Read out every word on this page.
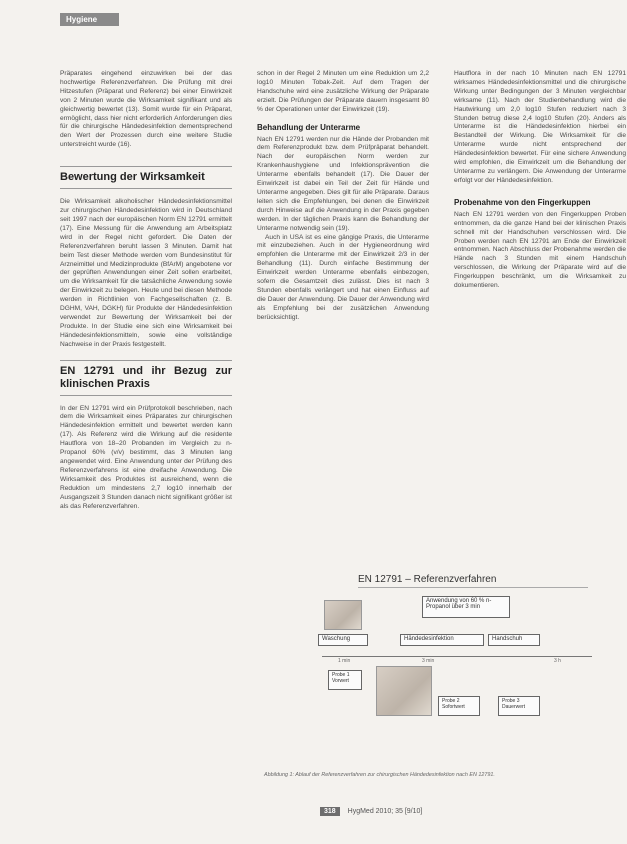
Hygiene

Präparates eingehend einzuwirken bei der das hochwertige Referenzverfahren. Die Prüfung mit drei Hitzestufen (Präparat und Referenz) bei einer Einwirkzeit von 2 Minuten wurde die Wirksamkeit signifikant und als gleichwertig bewertet (13). Somit wurde für ein Präparat, ermöglicht, dass hier nicht erforderlich Anforderungen dies für die chirurgische Händedesinfektion dementsprechend den Wert der Prozessen durch eine weitere Studie unterstreicht wurde (16).

Bewertung der Wirksamkeit

Die Wirksamkeit alkoholischer Händedesinfektionsmittel zur chirurgischen Händedesinfektion wird in Deutschland seit 1997 nach der europäischen Norm EN 12791 ermittelt (17). Eine Messung für die Anwendung am Arbeitsplatz wird in der Regel nicht gefordert. Die Daten der Referenzverfahren beruht lassen 3 Minuten. Damit hat beim Test dieser Methode werden vom Bundesinstitut für Arzneimittel und Medizinprodukte (BfArM) angebotene vor der geprüften Anwendungen einer Zeit sollen erarbeitet, um die Wirksamkeit für die tatsächliche Anwendung sowie der Einwirkzeit zu belegen. Heute und bei diesen Methode werden in Richtlinien von Fachgesellschaften (z. B. DGHM, VAH, DGKH) für Produkte der Händedesinfektion verwendet zur Bewertung der Wirksamkeit bei der Produkte. In der Studie eine sich eine Wirksamkeit bei Händedesinfektionsmitteln, sowie eine vollständige Nachweise in der Praxis festgestellt.

EN 12791 und ihr Bezug zur klinischen Praxis

In der EN 12791 wird ein Prüfprotokoll beschrieben, nach dem die Wirksamkeit eines Präparates zur chirurgischen Händedesinfektion ermittelt und bewertet werden kann (17). Als Referenz wird die Wirkung auf die residente Hautflora von 18–20 Probanden im Vergleich zu n-Propanol 60% (v/v) bestimmt, das 3 Minuten lang angewendet wird. Eine Anwendung unter der Prüfung des Referenzverfahrens ist eine dreifache Anwendung. Die Wirksamkeit des Produktes ist ausreichend, wenn die Reduktion um mindestens 2,7 log10 innerhalb der Ausgangszeit 3 Stunden danach nicht signifikant größer ist als das Referenzverfahren.

schon in der Regel 2 Minuten um eine Reduktion um 2,2 log10 Minuten Tobak-Zeit. Auf dem Tragen der Handschuhe wird eine zusätzliche Wirkung der Präparate erzielt. Die Prüfungen der Präparate dauern insgesamt 80 % der Operationen unter der Einwirkzeit (19).

Behandlung der Unterarme

Nach EN 12791 werden nur die Hände der Probanden mit dem Referenzprodukt bzw. dem Prüfpräparat behandelt. Nach der europäischen Norm werden zur Krankenhaushygiene und Infektionsprävention die Unterarme ebenfalls behandelt (17). Die Dauer der Einwirkzeit ist dabei ein Teil der Zeit für Hände und Unterarme angegeben. Dies gilt für alle Präparate. Daraus leiten sich die Empfehlungen, bei denen die Einwirkzeit durch Hinweise auf die Anwendung in der Praxis gegeben werden. In der täglichen Praxis kann die Behandlung der Unterarme notwendig sein (19).

Auch in USA ist es eine gängige Praxis, die Unterarme mit einzubeziehen. Auch in der Hygieneordnung wird empfohlen die Unterarme mit der Einwirkzeit 2/3 in der Behandlung (11). Durch einfache Bestimmung der Einwirkzeit werden Unterarme ebenfalls einbezogen, sofern die Gesamtzeit dies zulässt. Dies ist nach 3 Stunden ebenfalls verlängert und hat einen Einfluss auf die Dauer der Anwendung. Die Dauer der Anwendung wird als Empfehlung bei der zusätzlichen Anwendung berücksichtigt.

Hautflora in der nach 10 Minuten nach EN 12791 wirksames Händedesinfektionsmittel und die chirurgische Wirkung unter Bedingungen der 3 Minuten vergleichbar wirksame (11). Nach der Studienbehandlung wird die Hautwirkung um 2,0 log10 Stufen reduziert nach 3 Stunden betrug diese 2,4 log10 Stufen (20). Anders als Unterarme ist die Händedesinfektion hierbei ein Bestandteil der Wirkung. Die Wirksamkeit für die Unterarme wurde nicht entsprechend der Händedesinfektion bewertet. Für eine sichere Anwendung wird empfohlen, die Einwirkzeit um die Behandlung der Unterarme zu verlängern. Die Anwendung der Unterarme erfolgt vor der Händedesinfektion.

Probenahme von den Fingerkuppen

Nach EN 12791 werden von den Fingerkuppen Proben entnommen, da die ganze Hand bei der klinischen Praxis schnell mit der Handschuhen verschlossen wird. Die Proben werden nach EN 12791 am Ende der Einwirkzeit entnommen. Nach Abschluss der Probenahme werden die Hände nach 3 Stunden mit einem Handschuh verschlossen, die Wirkung der Präparate wird auf die Fingerkuppen beschränkt, um die Wirksamkeit zu dokumentieren.

EN 12791 – Referenzverfahren
Anwendung von 60 % n-Propanol über 3 min
Waschung	Händedesinfektion	Handschuh
1 min	3 min	3 h
Probe 1 Vorwert
Probe 2 Sofortwert
Probe 3 Dauerwert
Abbildung 1: Ablauf der Referenzverfahren zur chirurgischen Händedesinfektion nach EN 12791.
318 HygMed 2010; 35 [9/10]
